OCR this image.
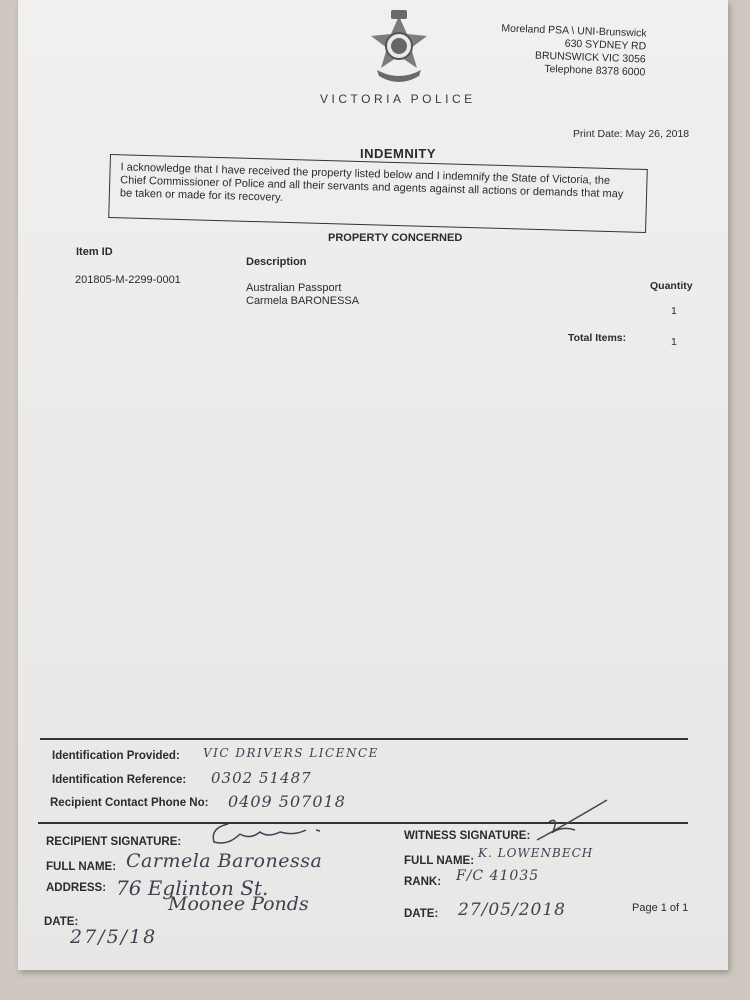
VICTORIA POLICE
Moreland PSA \ UNI-Brunswick
630 SYDNEY RD
BRUNSWICK VIC 3056
Telephone 8378 6000
Print Date: May 26, 2018
INDEMNITY
I acknowledge that I have received the property listed below and I indemnify the State of Victoria, the Chief Commissioner of Police and all their servants and agents against all actions or demands that may be taken or made for its recovery.
PROPERTY CONCERNED
Item ID
Description
Quantity
201805-M-2299-0001
Australian Passport
Carmela BARONESSA
1
Total Items:	1
Identification Provided: VIC DRIVERS LICENCE
Identification Reference: 0302 51487
Recipient Contact Phone No: 0409 507018
RECIPIENT SIGNATURE:
FULL NAME: Carmela Baronessa
ADDRESS: 76 Eglinton St.
Moonee Ponds
DATE:
27/5/18
WITNESS SIGNATURE:
FULL NAME:
K. LOWENBECH
RANK: F/C 41035
DATE: 27/05/2018	Page 1 of 1
